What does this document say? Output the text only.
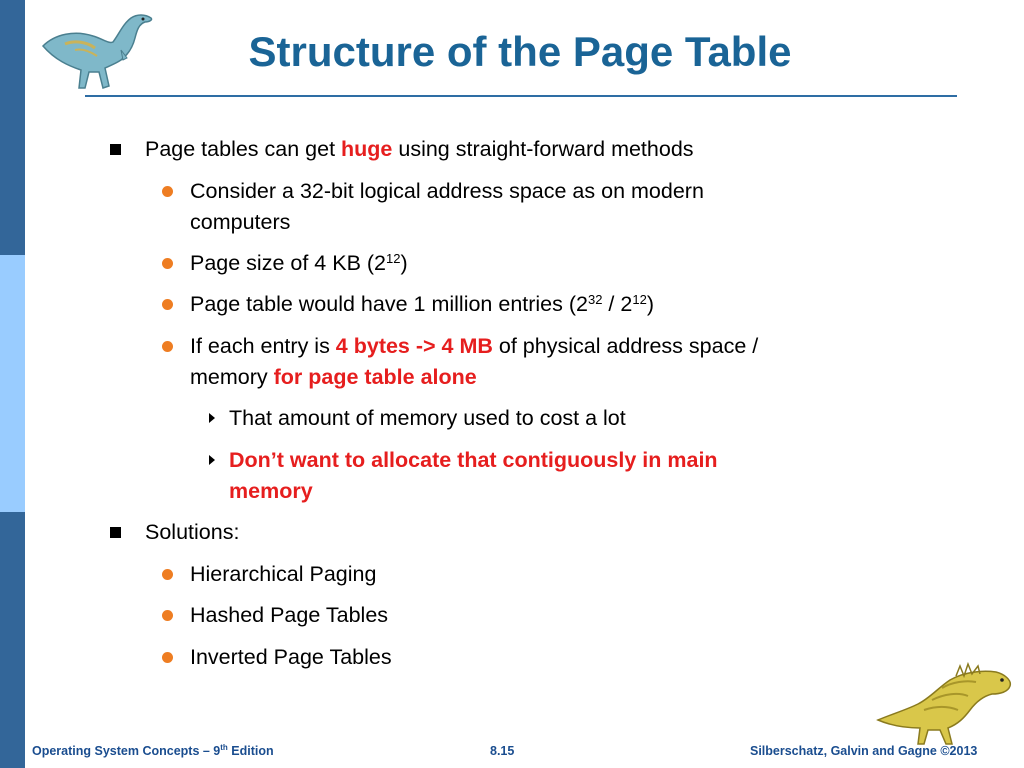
Structure of the Page Table
Page tables can get huge using straight-forward methods
Consider a 32-bit logical address space as on modern
computers
Page size of 4 KB $(2^{12})$
Page table would have 1 million entries $(2^{32} / 2^{12})$
If each entry is 4 bytes -> 4 MB of physical address space /
memory for page table alone
That amount of memory used to cost a lot
Don’t want to allocate that contiguously in main
memory
Solutions:
Hierarchical Paging
Hashed Page Tables
Inverted Page Tables
Operating System Concepts – 9th Edition	8.15	Silberschatz, Galvin and Gagne ©2013
